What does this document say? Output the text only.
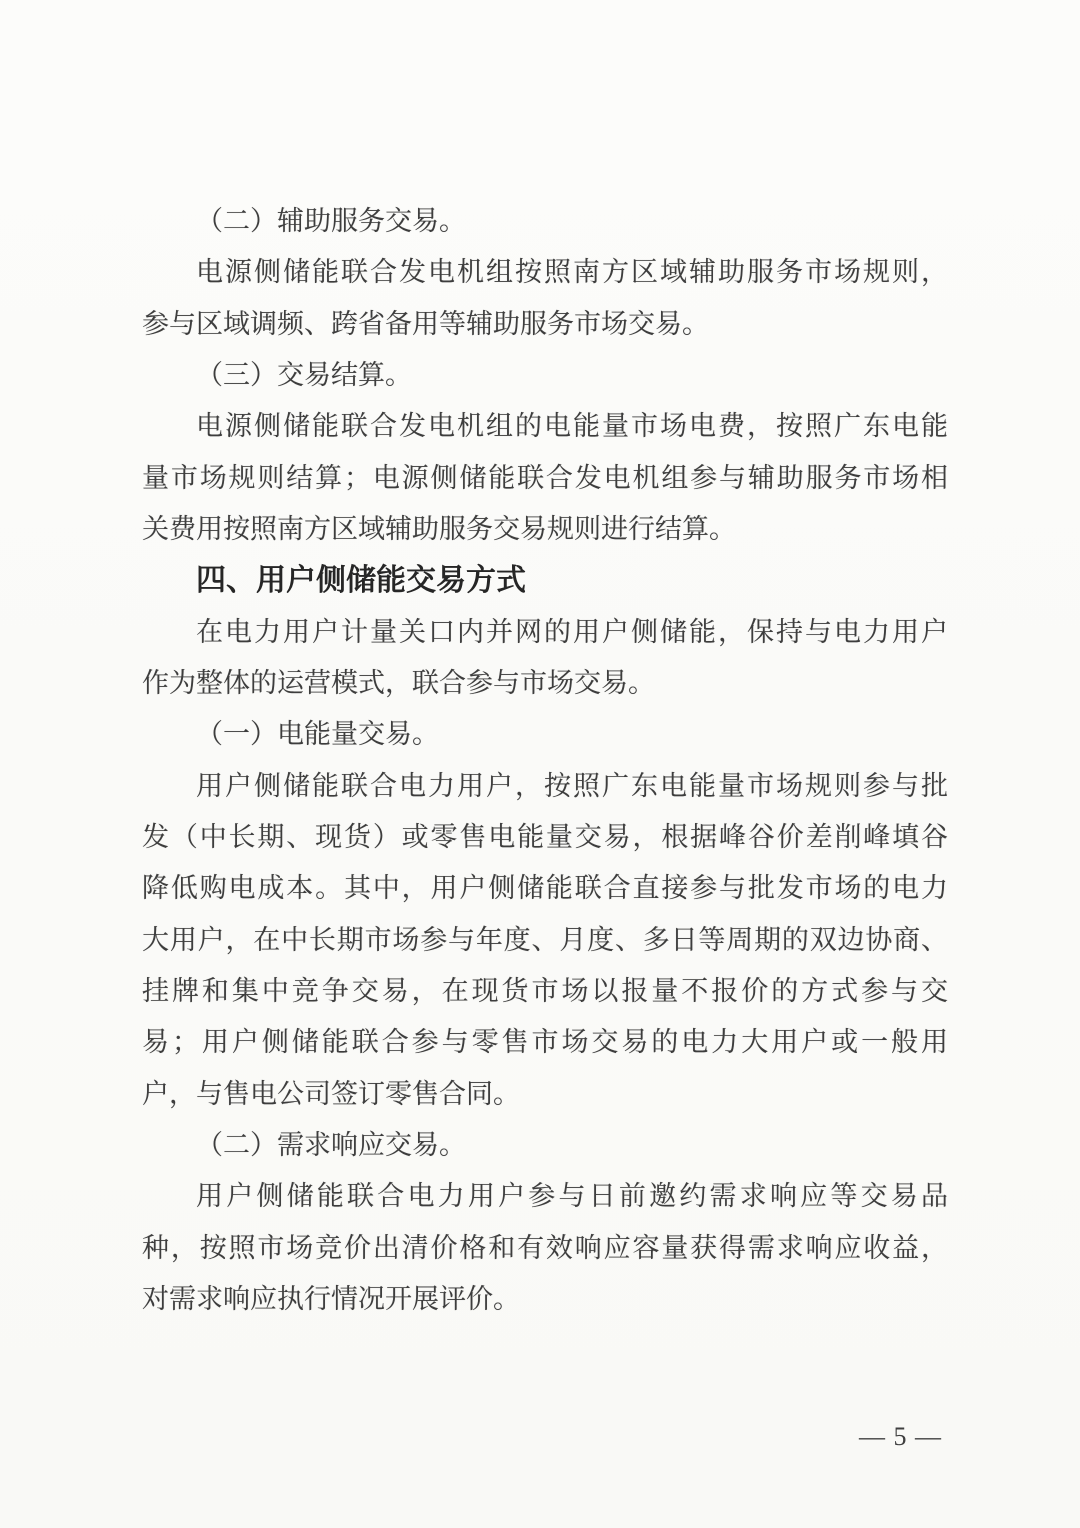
（二）辅助服务交易。
电源侧储能联合发电机组按照南方区域辅助服务市场规则，
参与区域调频、跨省备用等辅助服务市场交易。
（三）交易结算。
电源侧储能联合发电机组的电能量市场电费，按照广东电能
量市场规则结算；电源侧储能联合发电机组参与辅助服务市场相
关费用按照南方区域辅助服务交易规则进行结算。
四、用户侧储能交易方式
在电力用户计量关口内并网的用户侧储能，保持与电力用户
作为整体的运营模式，联合参与市场交易。
（一）电能量交易。
用户侧储能联合电力用户，按照广东电能量市场规则参与批
发（中长期、现货）或零售电能量交易，根据峰谷价差削峰填谷
降低购电成本。其中，用户侧储能联合直接参与批发市场的电力
大用户，在中长期市场参与年度、月度、多日等周期的双边协商、
挂牌和集中竞争交易，在现货市场以报量不报价的方式参与交
易；用户侧储能联合参与零售市场交易的电力大用户或一般用
户，与售电公司签订零售合同。
（二）需求响应交易。
用户侧储能联合电力用户参与日前邀约需求响应等交易品
种，按照市场竞价出清价格和有效响应容量获得需求响应收益，
对需求响应执行情况开展评价。
— 5 —
